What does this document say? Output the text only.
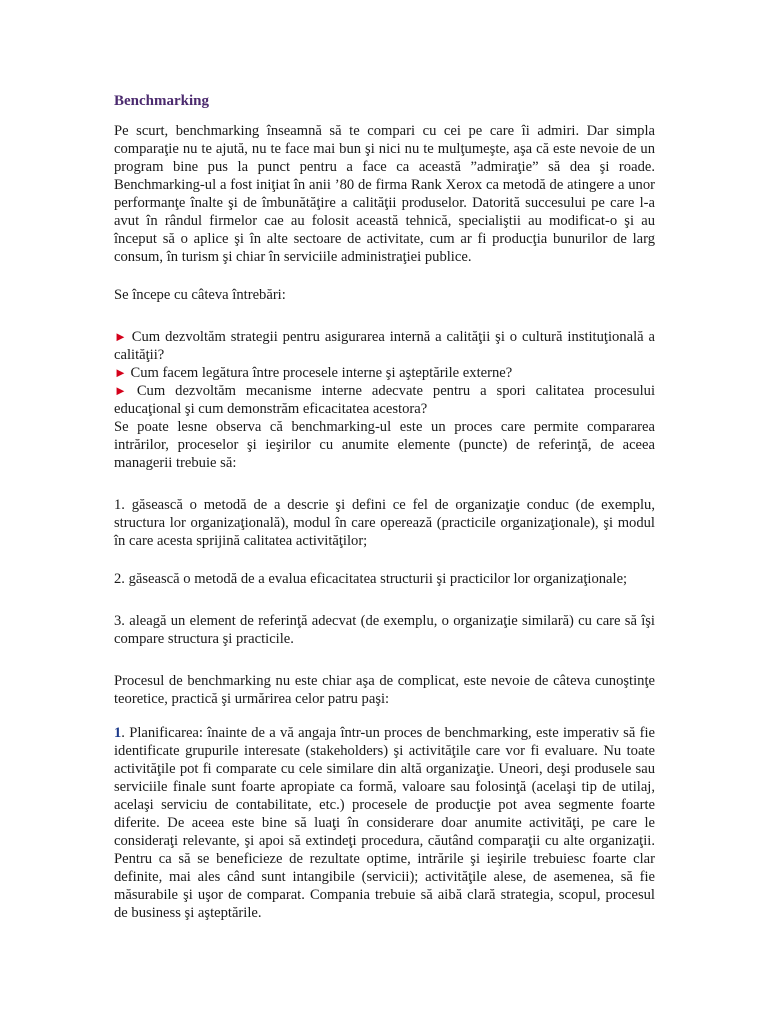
Benchmarking

Pe scurt, benchmarking înseamnă să te compari cu cei pe care îi admiri. Dar simpla comparaţie nu te ajută, nu te face mai bun şi nici nu te mulţumeşte, aşa că este nevoie de un program bine pus la punct pentru a face ca această ”admiraţie” să dea şi roade. Benchmarking-ul a fost iniţiat în anii ’80 de firma Rank Xerox ca metodă de atingere a unor performanţe înalte şi de îmbunătăţire a calităţii produselor. Datorită succesului pe care l-a avut în rândul firmelor cae au folosit această tehnică, specialiştii au modificat-o şi au început să o aplice şi în alte sectoare de activitate, cum ar fi producţia bunurilor de larg consum, în turism şi chiar în serviciile administraţiei publice.

Se începe cu câteva întrebări:

► Cum dezvoltăm strategii pentru asigurarea internă a calităţii şi o cultură instituţională a calităţii?

► Cum facem legătura între procesele interne şi aşteptările externe?

► Cum dezvoltăm mecanisme interne adecvate pentru a spori calitatea procesului educaţional şi cum demonstrăm eficacitatea acestora?

Se poate lesne observa că benchmarking-ul este un proces care permite compararea intrărilor, proceselor şi ieşirilor cu anumite elemente (puncte) de referinţă, de aceea managerii trebuie să:

1. găsească o metodă de a descrie şi defini ce fel de organizaţie conduc (de exemplu, structura lor organizaţională), modul în care operează (practicile organizaţionale), şi modul în care acesta sprijină calitatea activităţilor;

2. găsească o metodă de a evalua eficacitatea structurii şi practicilor lor organizaţionale;

3. aleagă un element de referinţă adecvat (de exemplu, o organizaţie similară) cu care să îşi compare structura şi practicile.

Procesul de benchmarking nu este chiar aşa de complicat, este nevoie de câteva cunoştinţe teoretice, practică şi urmărirea celor patru paşi:

1. Planificarea: înainte de a vă angaja într-un proces de benchmarking, este imperativ să fie identificate grupurile interesate (stakeholders) şi activităţile care vor fi evaluare. Nu toate activităţile pot fi comparate cu cele similare din altă organizaţie. Uneori, deşi produsele sau serviciile finale sunt foarte apropiate ca formă, valoare sau folosinţă (acelaşi tip de utilaj, acelaşi serviciu de contabilitate, etc.) procesele de producţie pot avea segmente foarte diferite. De aceea este bine să luaţi în considerare doar anumite activităţi, pe care le consideraţi relevante, şi apoi să extindeţi procedura, căutând comparaţii cu alte organizaţii. Pentru ca să se beneficieze de rezultate optime, intrările şi ieşirile trebuiesc foarte clar definite, mai ales când sunt intangibile (servicii); activităţile alese, de asemenea, să fie măsurabile şi uşor de comparat. Compania trebuie să aibă clară strategia, scopul, procesul de business şi aşteptările.
